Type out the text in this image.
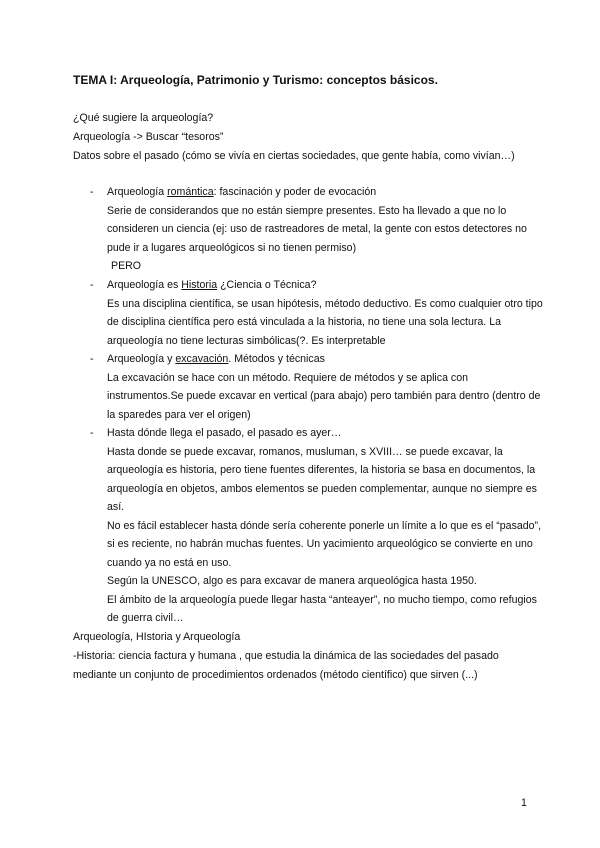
TEMA I: Arqueología, Patrimonio y Turismo: conceptos básicos.

¿Qué sugiere la arqueología?

Arqueología -> Buscar “tesoros”

Datos sobre el pasado (cómo se vivía en ciertas sociedades, que gente había, como vivían…)

- Arqueología romántica: fascinación y poder de evocación
Serie de considerandos que no están siempre presentes. Esto ha llevado a que no lo consideren un ciencia (ej: uso de rastreadores de metal, la gente con estos detectores no pude ir a lugares arqueológicos si no tienen permiso)
PERO
- Arqueología es Historia ¿Ciencia o Técnica?
Es una disciplina científica, se usan hipótesis, método deductivo. Es como cualquier otro tipo de disciplina científica pero está vinculada a la historia, no tiene una sola lectura. La arqueología no tiene lecturas simbólicas(?. Es interpretable
- Arqueología y excavación. Métodos y técnicas
La excavación se hace con un método. Requiere de métodos y se aplica con instrumentos.Se puede excavar en vertical (para abajo) pero también para dentro (dentro de la sparedes para ver el origen)
- Hasta dónde llega el pasado, el pasado es ayer…
Hasta donde se puede excavar, romanos, musluman, s XVIII… se puede excavar, la arqueología es historia, pero tiene fuentes diferentes, la historia se basa en documentos, la arqueología en objetos, ambos elementos se pueden complementar, aunque no siempre es así.
No es fácil establecer hasta dónde sería coherente ponerle un límite a lo que es el “pasado”, si es reciente, no habrán muchas fuentes. Un yacimiento arqueológico se convierte en uno cuando ya no está en uso.
Según la UNESCO, algo es para excavar de manera arqueológica hasta 1950.
El ámbito de la arqueología puede llegar hasta “anteayer”, no mucho tiempo, como refugios de guerra civil…

Arqueología, HIstoria y Arqueología

-Historia: ciencia factura y humana , que estudia la dinámica de las sociedades del pasado mediante un conjunto de procedimientos ordenados (método científico) que sirven (...)

1
